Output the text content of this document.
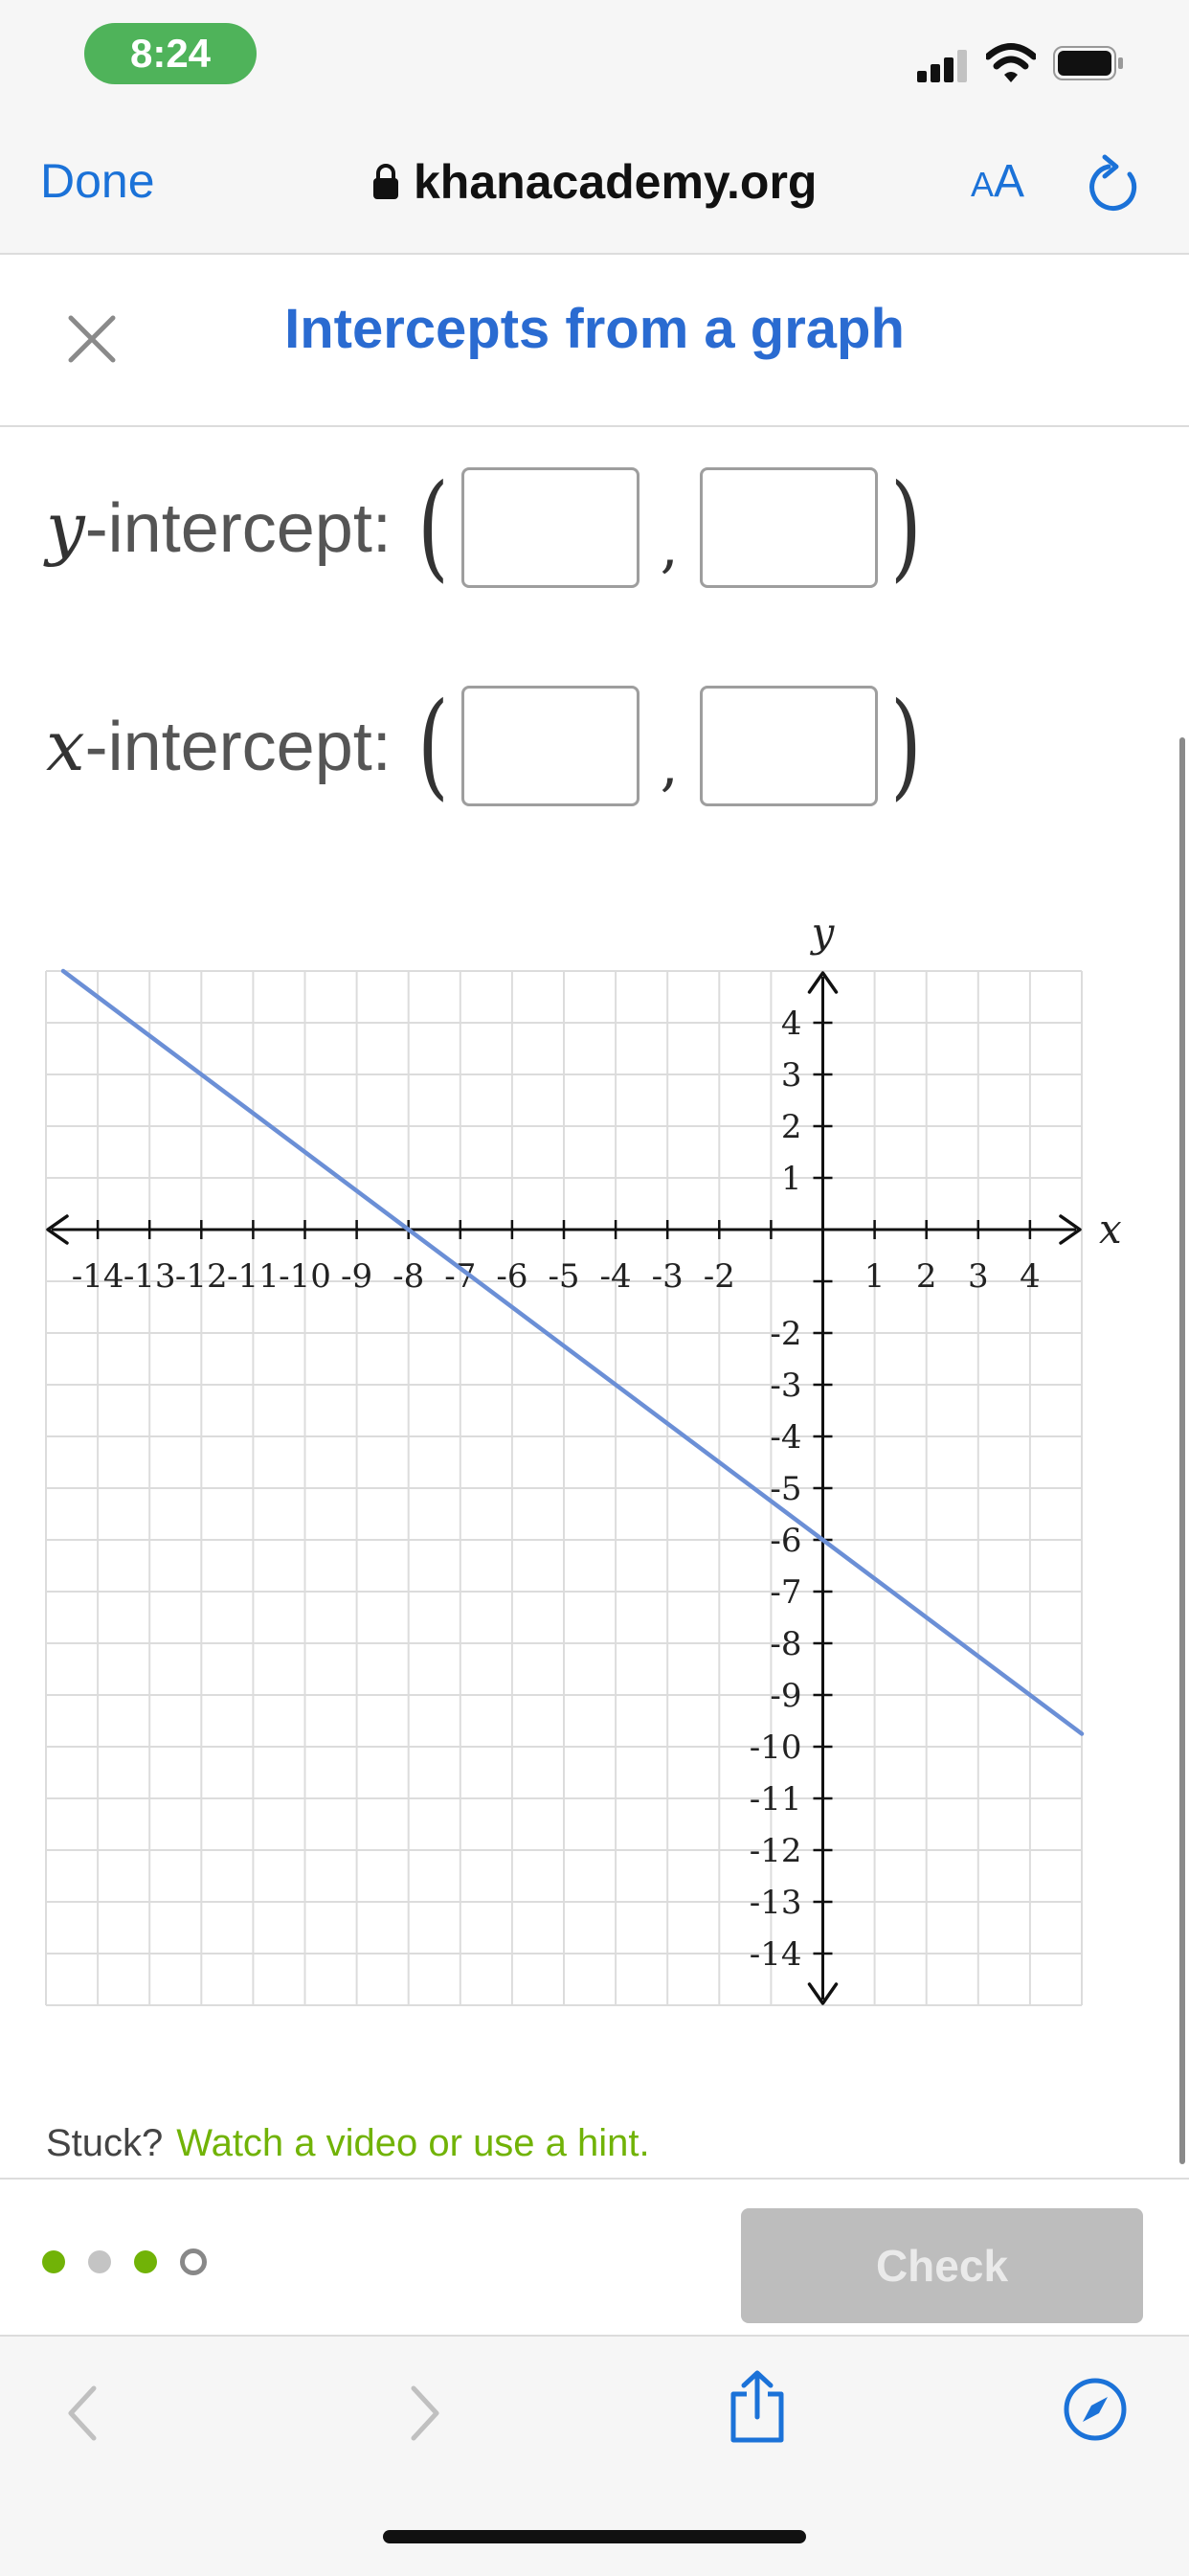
8:24
Done	khanacademy.org	AA
Intercepts from a graph
y-intercept: (	, )
x-intercept: (	, )
-14 -13 -12 -11 -10 -9 -8 -7 -6 -5 -4 -3 -2	1 2 3 4
4
3
2
1
-2
-3
-4
-5
-6
-7
-8
-9
-10
-11
-12
-13
-14
x
y
Stuck? Watch a video or use a hint.
Check
